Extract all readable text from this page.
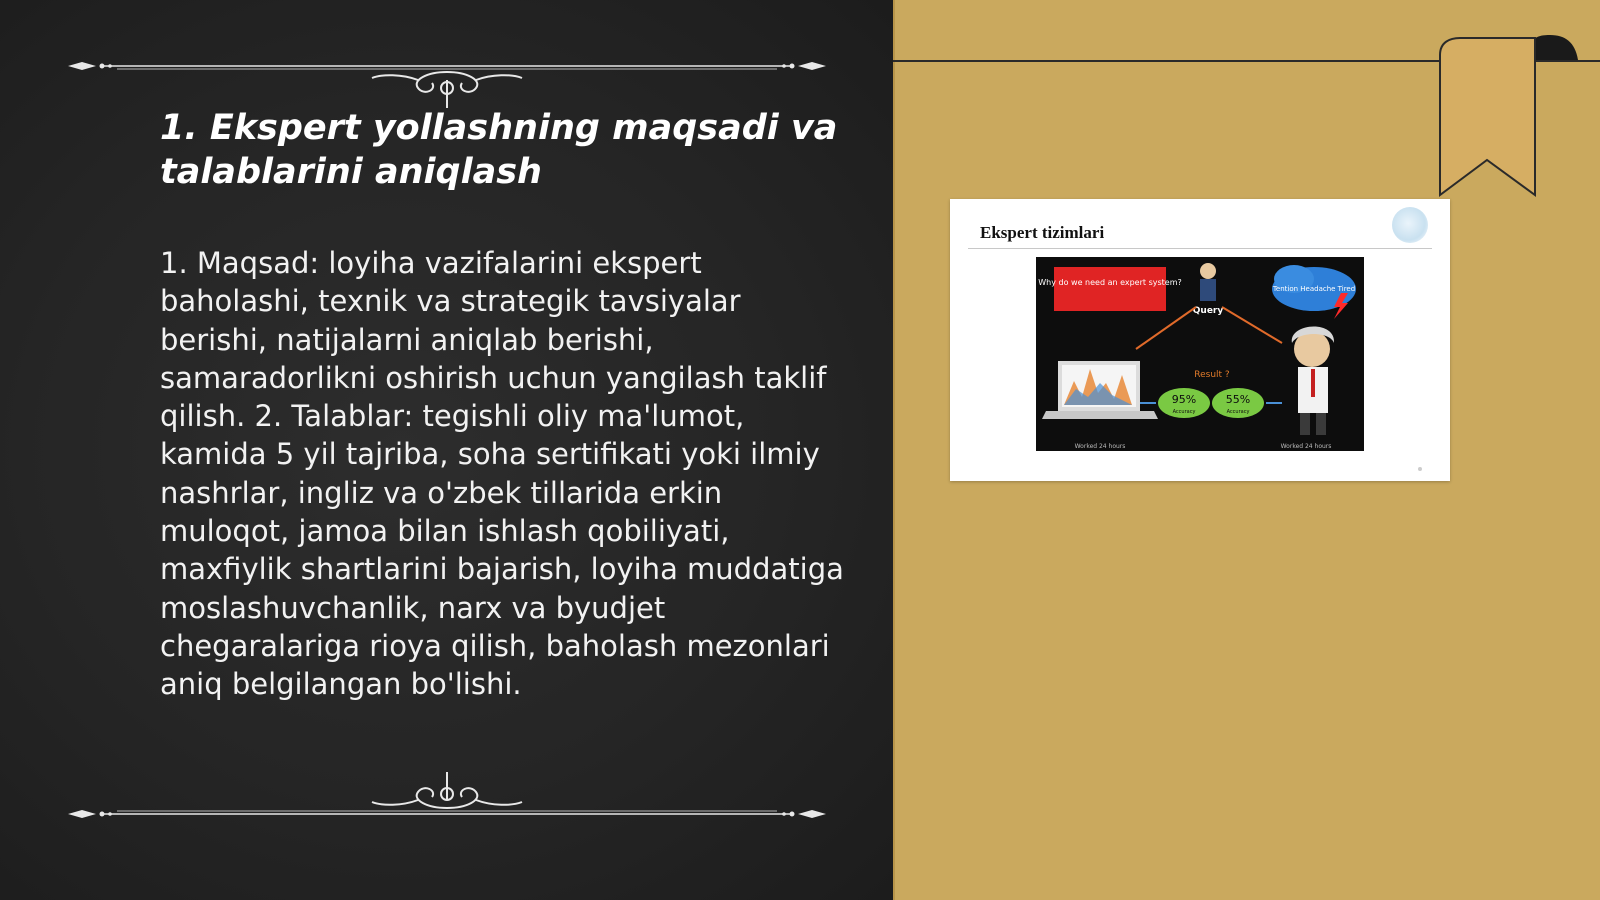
1. Ekspert yollashning maqsadi va talablarini aniqlash

1. Maqsad: loyiha vazifalarini ekspert baholashi, texnik va strategik tavsiyalar berishi, natijalarni aniqlab berishi, samaradorlikni oshirish uchun yangilash taklif qilish. 2. Talablar: tegishli oliy ma'lumot, kamida 5 yil tajriba, soha sertifikati yoki ilmiy nashrlar, ingliz va o'zbek tillarida erkin muloqot, jamoa bilan ishlash qobiliyati, maxfiylik shartlarini bajarish, loyiha muddatiga moslashuvchanlik, narx va byudjet chegaralariga rioya qilish, baholash mezonlari aniq belgilangan bo'lishi.

Ekspert tizimlari
Why do we need an expert system?
Query
Tention Headache Tired
Result ?
95%
Accuracy
55%
Accuracy
Worked 24 hours	Worked 24 hours
